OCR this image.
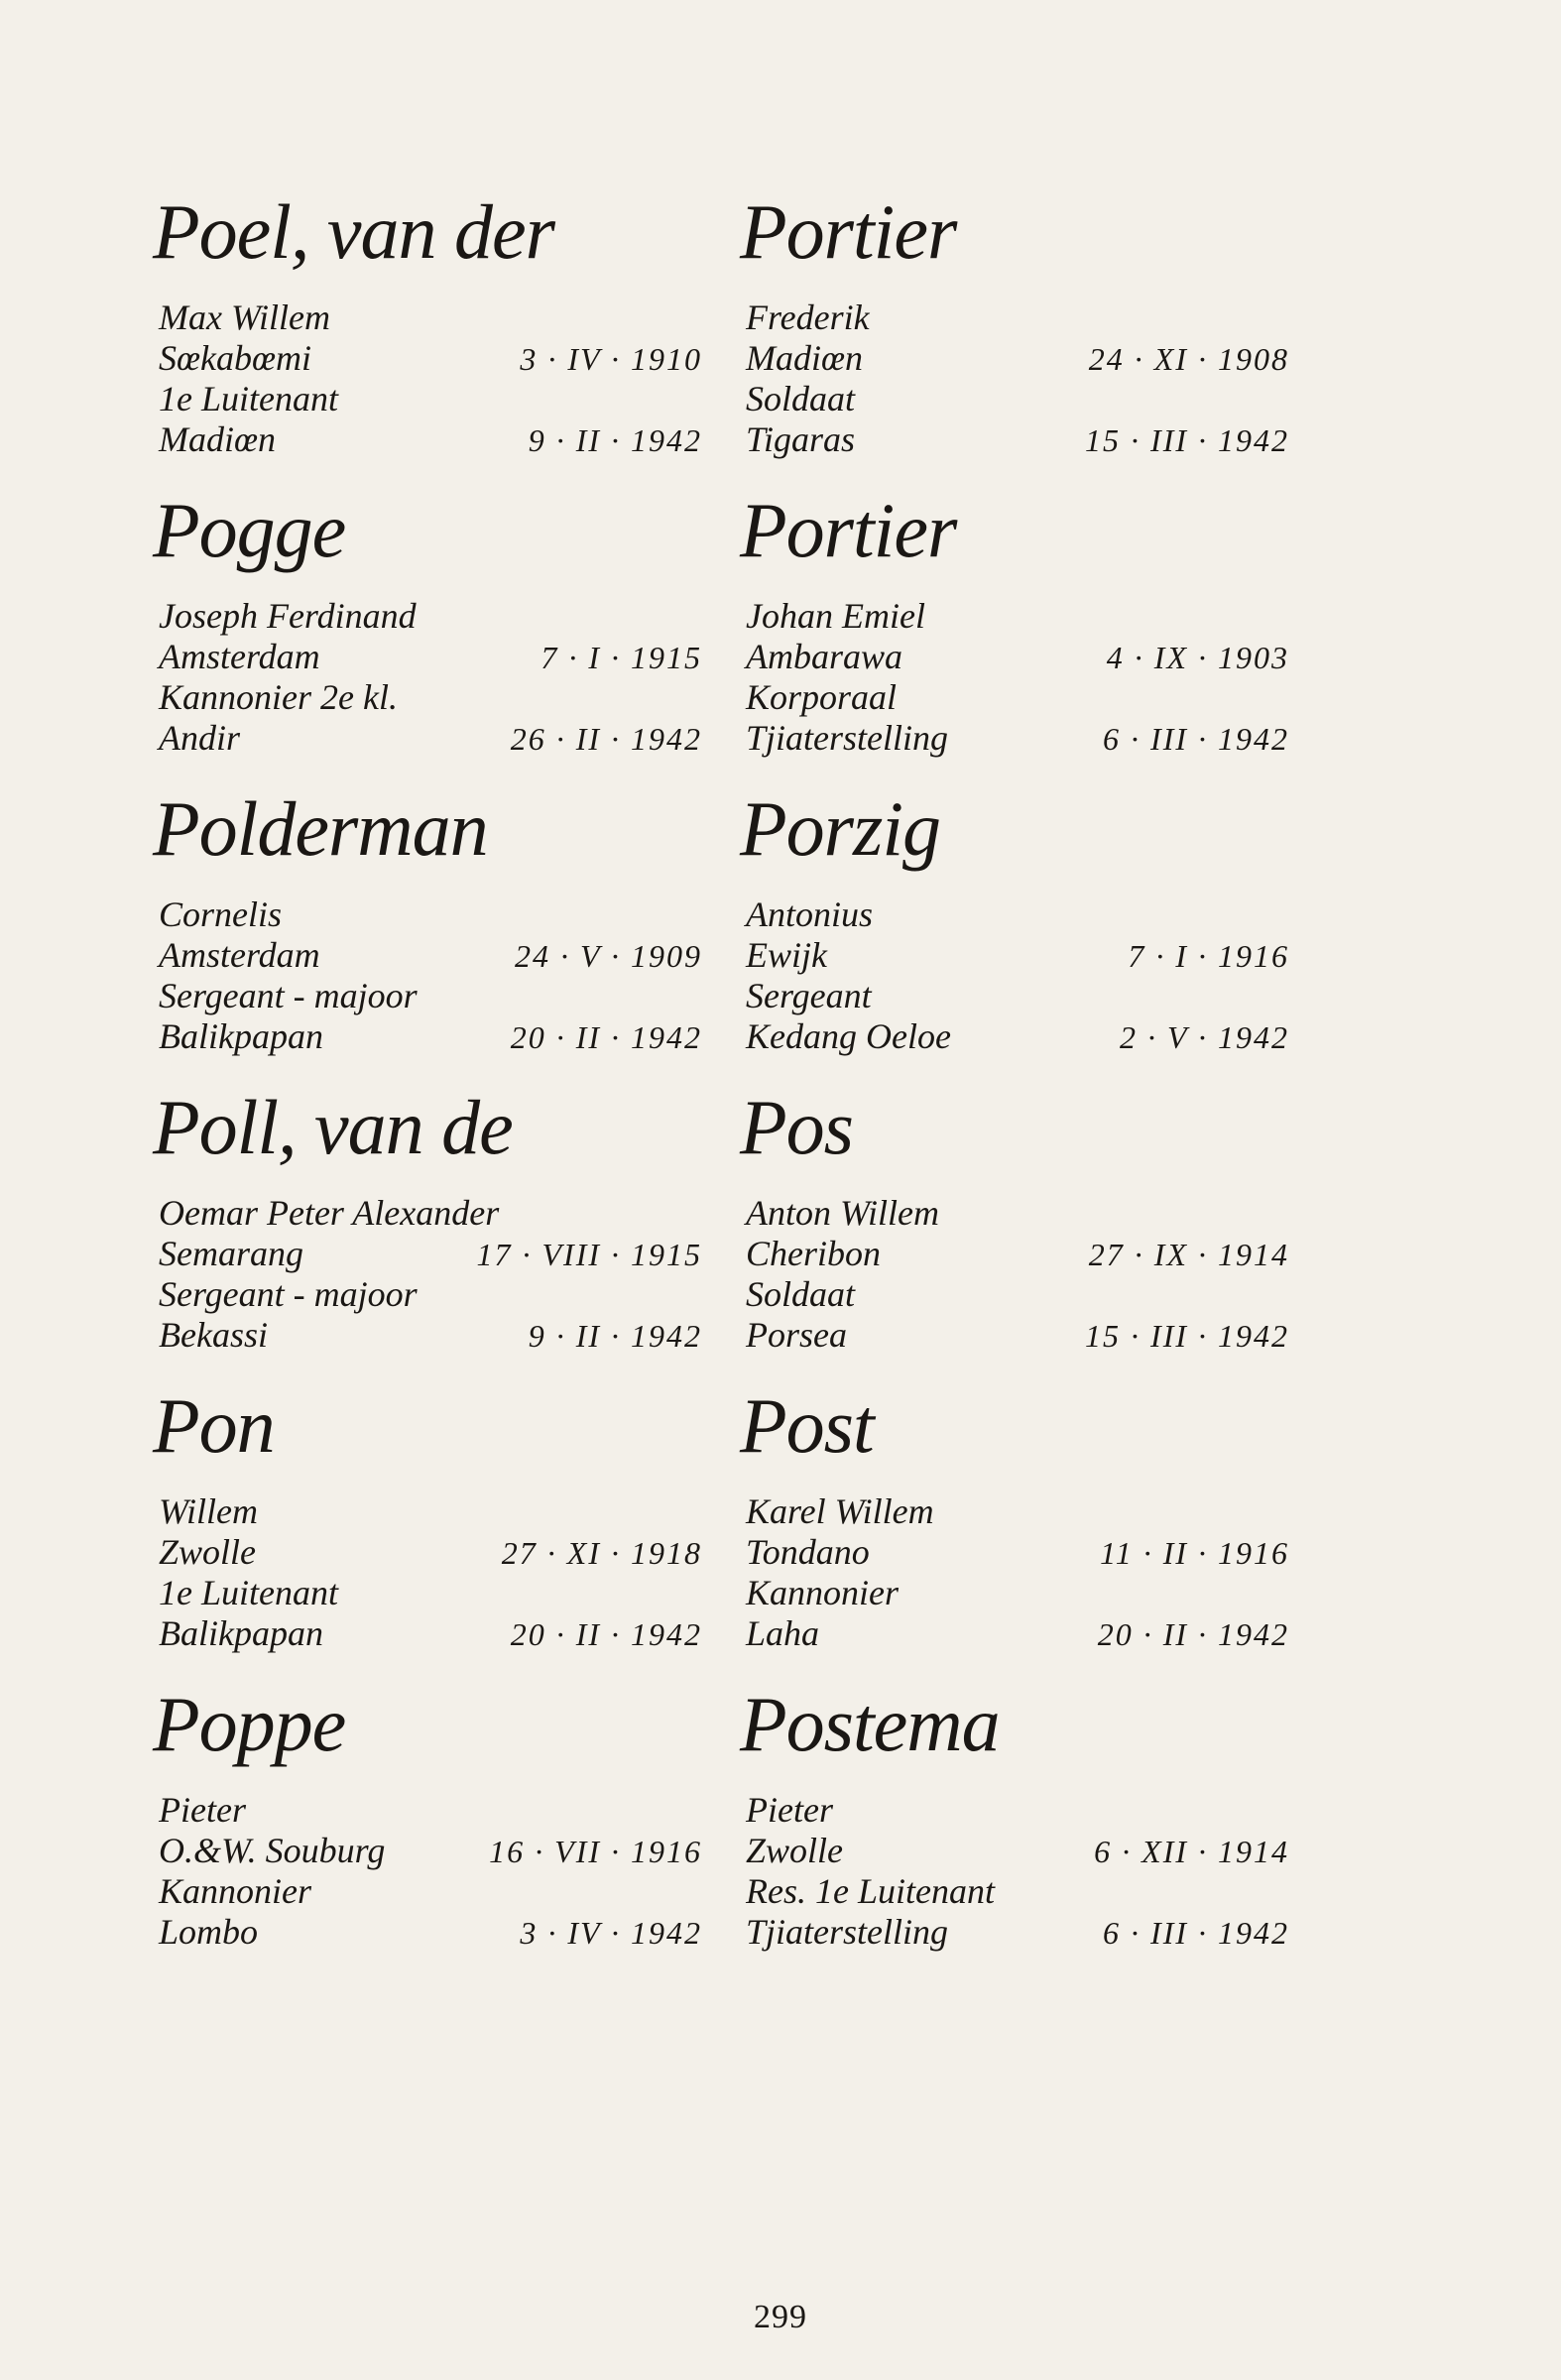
Poel, van der
Max Willem
Sœkabœmi	3 · IV · 1910
1e Luitenant
Madiœn	9 · II · 1942
Pogge
Joseph Ferdinand
Amsterdam	7 · I · 1915
Kannonier 2e kl.
Andir	26 · II · 1942
Polderman
Cornelis
Amsterdam	24 · V · 1909
Sergeant - majoor
Balikpapan	20 · II · 1942
Poll, van de
Oemar Peter Alexander
Semarang	17 · VIII · 1915
Sergeant - majoor
Bekassi	9 · II · 1942
Pon
Willem
Zwolle	27 · XI · 1918
1e Luitenant
Balikpapan	20 · II · 1942
Poppe
Pieter
O.&W. Souburg	16 · VII · 1916
Kannonier
Lombo	3 · IV · 1942
Portier
Frederik
Madiœn	24 · XI · 1908
Soldaat
Tigaras	15 · III · 1942
Portier
Johan Emiel
Ambarawa	4 · IX · 1903
Korporaal
Tjiaterstelling	6 · III · 1942
Porzig
Antonius
Ewijk	7 · I · 1916
Sergeant
Kedang Oeloe	2 · V · 1942
Pos
Anton Willem
Cheribon	27 · IX · 1914
Soldaat
Porsea	15 · III · 1942
Post
Karel Willem
Tondano	11 · II · 1916
Kannonier
Laha	20 · II · 1942
Postema
Pieter
Zwolle	6 · XII · 1914
Res. 1e Luitenant
Tjiaterstelling	6 · III · 1942
299
